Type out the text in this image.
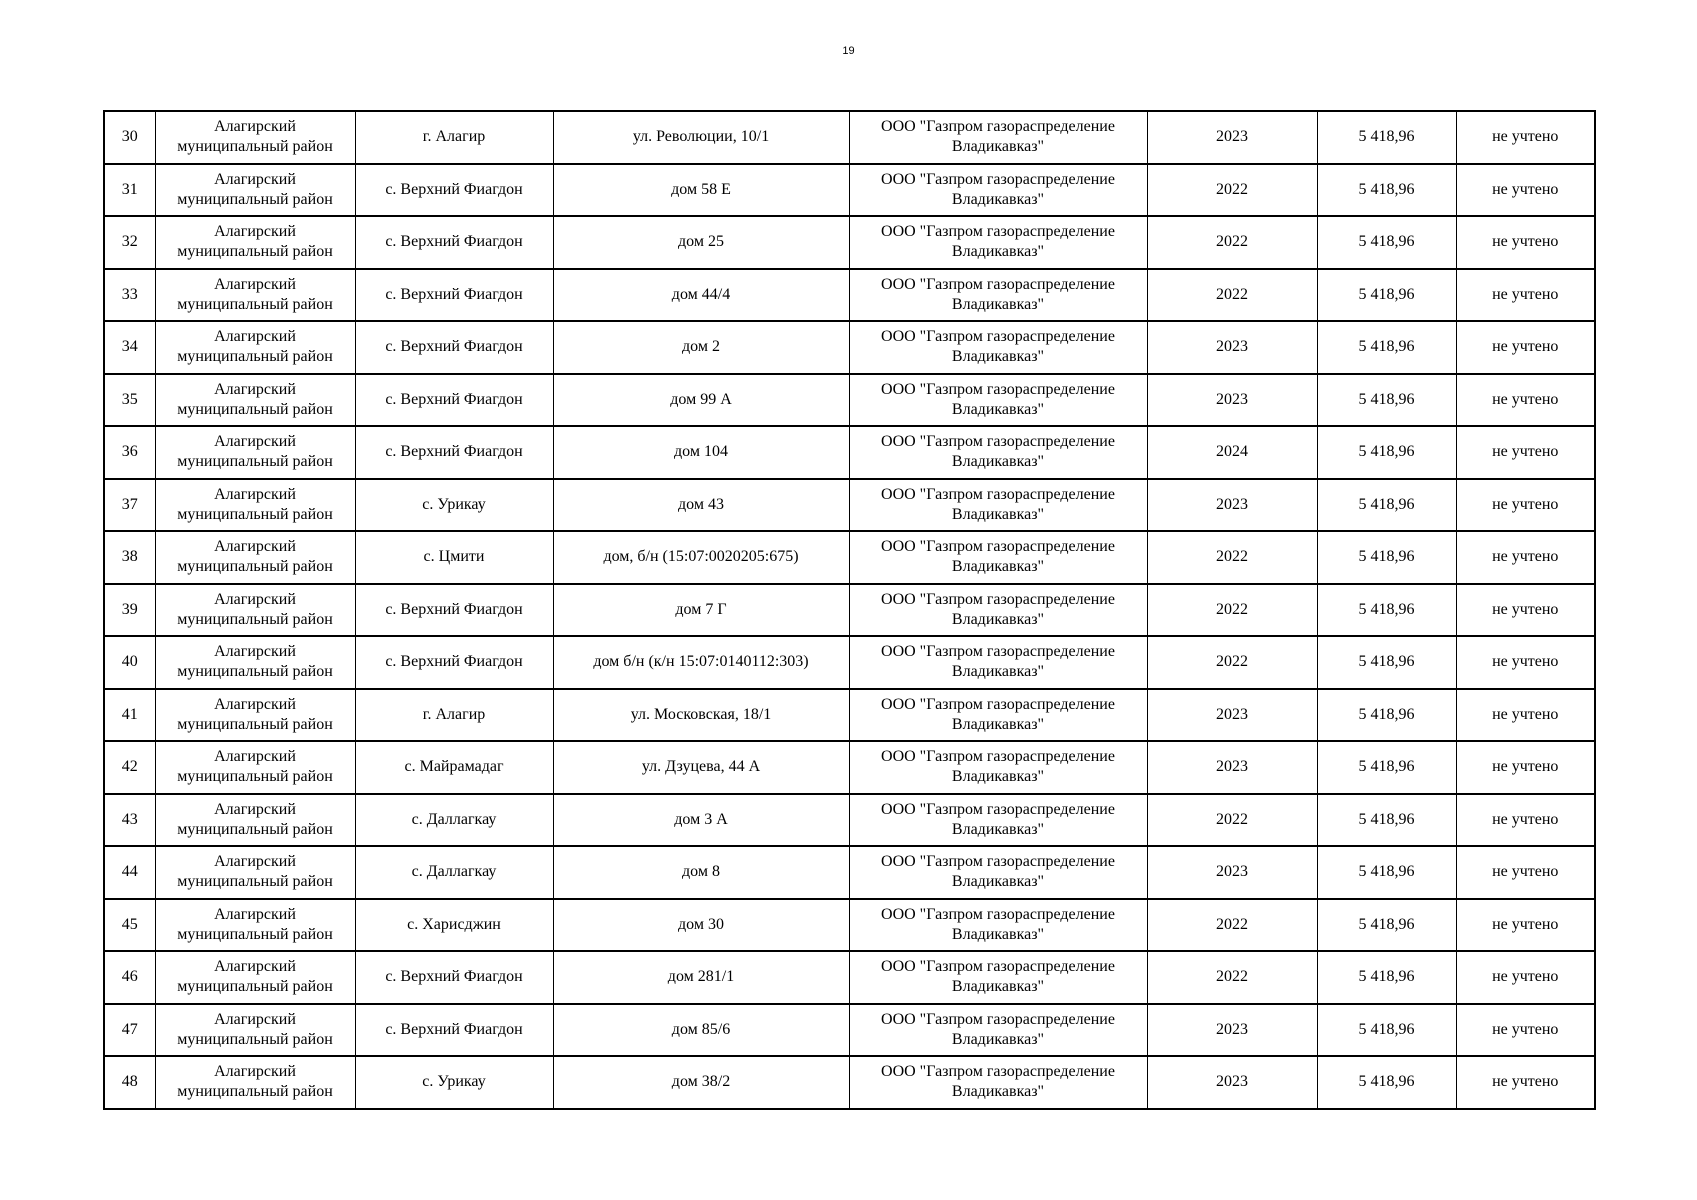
19
30	Алагирский муниципальный район	г. Алагир	ул. Революции, 10/1	ООО "Газпром газораспределение Владикавказ"	2023	5 418,96	не учтено
31	Алагирский муниципальный район	с. Верхний Фиагдон	дом 58 Е	ООО "Газпром газораспределение Владикавказ"	2022	5 418,96	не учтено
32	Алагирский муниципальный район	с. Верхний Фиагдон	дом 25	ООО "Газпром газораспределение Владикавказ"	2022	5 418,96	не учтено
33	Алагирский муниципальный район	с. Верхний Фиагдон	дом 44/4	ООО "Газпром газораспределение Владикавказ"	2022	5 418,96	не учтено
34	Алагирский муниципальный район	с. Верхний Фиагдон	дом 2	ООО "Газпром газораспределение Владикавказ"	2023	5 418,96	не учтено
35	Алагирский муниципальный район	с. Верхний Фиагдон	дом 99 А	ООО "Газпром газораспределение Владикавказ"	2023	5 418,96	не учтено
36	Алагирский муниципальный район	с. Верхний Фиагдон	дом 104	ООО "Газпром газораспределение Владикавказ"	2024	5 418,96	не учтено
37	Алагирский муниципальный район	с. Урикау	дом 43	ООО "Газпром газораспределение Владикавказ"	2023	5 418,96	не учтено
38	Алагирский муниципальный район	с. Цмити	дом, б/н (15:07:0020205:675)	ООО "Газпром газораспределение Владикавказ"	2022	5 418,96	не учтено
39	Алагирский муниципальный район	с. Верхний Фиагдон	дом 7 Г	ООО "Газпром газораспределение Владикавказ"	2022	5 418,96	не учтено
40	Алагирский муниципальный район	с. Верхний Фиагдон	дом б/н (к/н 15:07:0140112:303)	ООО "Газпром газораспределение Владикавказ"	2022	5 418,96	не учтено
41	Алагирский муниципальный район	г. Алагир	ул. Московская, 18/1	ООО "Газпром газораспределение Владикавказ"	2023	5 418,96	не учтено
42	Алагирский муниципальный район	с. Майрамадаг	ул. Дзуцева, 44 А	ООО "Газпром газораспределение Владикавказ"	2023	5 418,96	не учтено
43	Алагирский муниципальный район	с. Даллагкау	дом 3 А	ООО "Газпром газораспределение Владикавказ"	2022	5 418,96	не учтено
44	Алагирский муниципальный район	с. Даллагкау	дом 8	ООО "Газпром газораспределение Владикавказ"	2023	5 418,96	не учтено
45	Алагирский муниципальный район	с. Харисджин	дом 30	ООО "Газпром газораспределение Владикавказ"	2022	5 418,96	не учтено
46	Алагирский муниципальный район	с. Верхний Фиагдон	дом 281/1	ООО "Газпром газораспределение Владикавказ"	2022	5 418,96	не учтено
47	Алагирский муниципальный район	с. Верхний Фиагдон	дом 85/6	ООО "Газпром газораспределение Владикавказ"	2023	5 418,96	не учтено
48	Алагирский муниципальный район	с. Урикау	дом 38/2	ООО "Газпром газораспределение Владикавказ"	2023	5 418,96	не учтено
